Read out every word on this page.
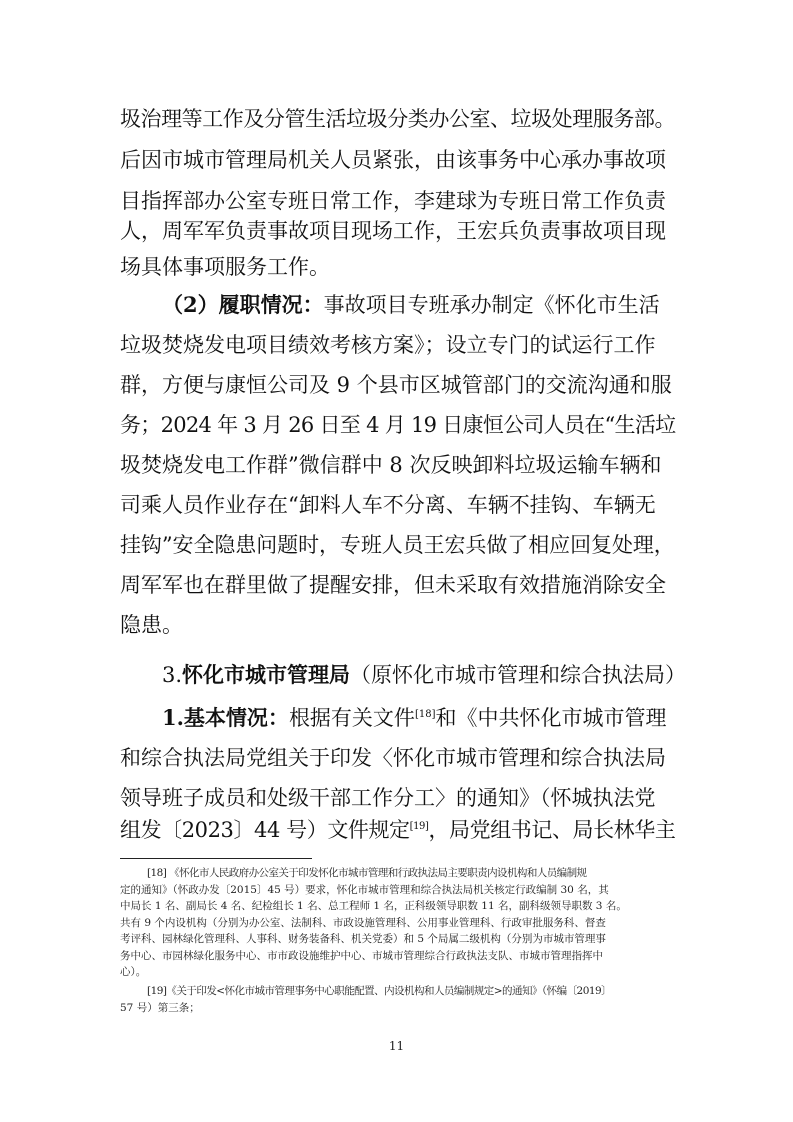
圾治理等工作及分管生活垃圾分类办公室、垃圾处理服务部。
后因市城市管理局机关人员紧张，由该事务中心承办事故项
目指挥部办公室专班日常工作，李建球为专班日常工作负责
人，周军军负责事故项目现场工作，王宏兵负责事故项目现
场具体事项服务工作。
（2）履职情况：事故项目专班承办制定《怀化市生活
垃圾焚烧发电项目绩效考核方案》；设立专门的试运行工作
群，方便与康恒公司及 9 个县市区城管部门的交流沟通和服
务；2024 年 3 月 26 日至 4 月 19 日康恒公司人员在“生活垃
圾焚烧发电工作群”微信群中 8 次反映卸料垃圾运输车辆和
司乘人员作业存在“卸料人车不分离、车辆不挂钩、车辆无
挂钩”安全隐患问题时，专班人员王宏兵做了相应回复处理，
周军军也在群里做了提醒安排，但未采取有效措施消除安全
隐患。
3.怀化市城市管理局（原怀化市城市管理和综合执法局）
1.基本情况：根据有关文件[18]和《中共怀化市城市管理
和综合执法局党组关于印发〈怀化市城市管理和综合执法局
领导班子成员和处级干部工作分工〉的通知》（怀城执法党
组发〔2023〕44 号）文件规定[19]，局党组书记、局长林华主
[18] 《怀化市人民政府办公室关于印发怀化市城市管理和行政执法局主要职责内设机构和人员编制规
定的通知》（怀政办发〔2015〕45 号）要求，怀化市城市管理和综合执法局机关核定行政编制 30 名，其
中局长 1 名、副局长 4 名、纪检组长 1 名、总工程师 1 名，正科级领导职数 11 名，副科级领导职数 3 名。
共有 9 个内设机构（分别为办公室、法制科、市政设施管理科、公用事业管理科、行政审批服务科、督查
考评科、园林绿化管理科、人事科、财务装备科、机关党委）和 5 个局属二级机构（分别为市城市管理事
务中心、市园林绿化服务中心、市市政设施维护中心、市城市管理综合行政执法支队、市城市管理指挥中
心）。
[19]《关于印发<怀化市城市管理事务中心职能配置、内设机构和人员编制规定>的通知》（怀编〔2019〕
57 号）第三条；
11
